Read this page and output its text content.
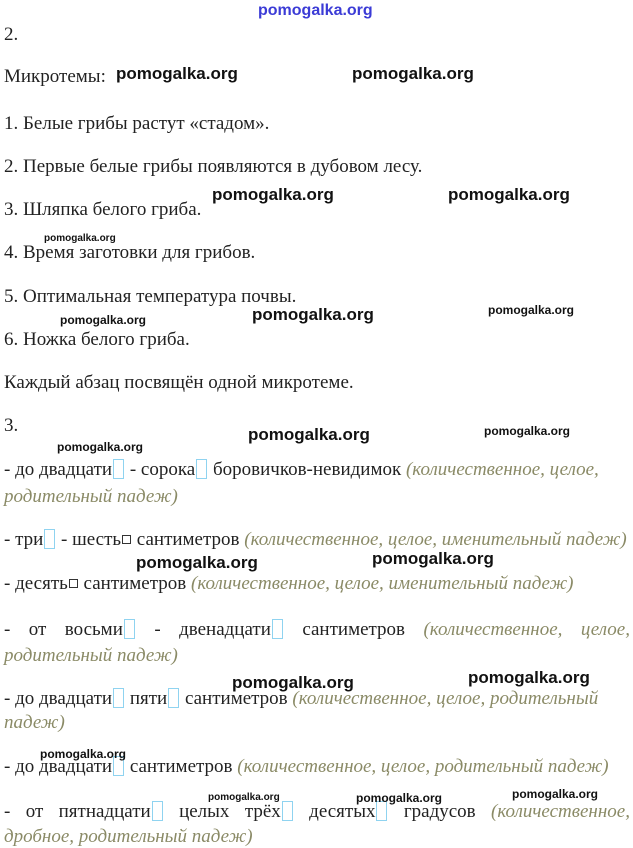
pomogalka.org
2.
Микротемы:
1. Белые грибы растут «стадом».
2. Первые белые грибы появляются в дубовом лесу.
3. Шляпка белого гриба.
4. Время заготовки для грибов.
5. Оптимальная температура почвы.
6. Ножка белого гриба.
Каждый абзац посвящён одной микротеме.
3.
- до двадцати - сорока боровичков-невидимок (количественное, целое,
родительный падеж)
- три - шесть сантиметров (количественное, целое, именительный падеж)
- десять сантиметров (количественное, целое, именительный падеж)
- от восьми	- двенадцати	сантиметров (количественное, целое,
родительный падеж)
- до двадцати пяти сантиметров (количественное, целое, родительный
падеж)
- до двадцати сантиметров (количественное, целое, родительный падеж)
- от пятнадцати	целых трёх	десятых	градусов (количественное,
дробное, родительный падеж)
pomogalka.org	pomogalka.org
pomogalka.org	pomogalka.org
pomogalka.org
pomogalka.org
pomogalka.org
pomogalka.org
pomogalka.org
pomogalka.org
pomogalka.org
pomogalka.org	pomogalka.org
pomogalka.org	pomogalka.org
pomogalka.org
pomogalka.org	pomogalka.org	pomogalka.org
